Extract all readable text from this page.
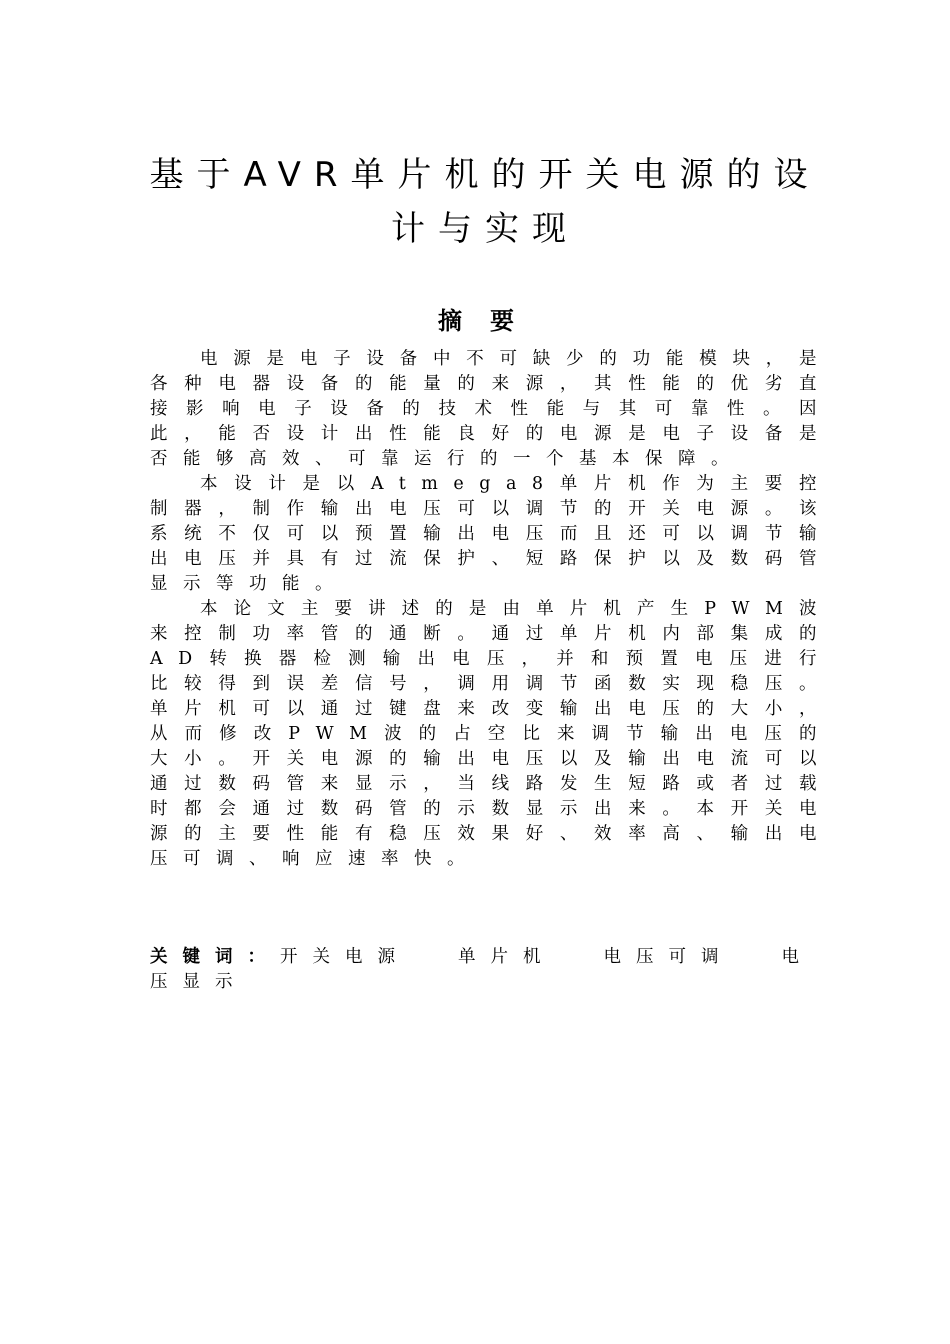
基于AVR单片机的开关电源的设计与实现
摘要

电源是电子设备中不可缺少的功能模块，是各种电器设备的能量的来源，其性能的优劣直接影响电子设备的技术性能与其可靠性。因此，能否设计出性能良好的电源是电子设备是否能够高效、可靠运行的一个基本保障。

本设计是以Atmega8单片机作为主要控制器，制作输出电压可以调节的开关电源。该系统不仅可以预置输出电压而且还可以调节输出电压并具有过流保护、短路保护以及数码管显示等功能。

本论文主要讲述的是由单片机产生PWM波来控制功率管的通断。通过单片机内部集成的AD转换器检测输出电压，并和预置电压进行比较得到误差信号，调用调节函数实现稳压。单片机可以通过键盘来改变输出电压的大小，从而修改PWM波的占空比来调节输出电压的大小。开关电源的输出电压以及输出电流可以通过数码管来显示，当线路发生短路或者过载时都会通过数码管的示数显示出来。本开关电源的主要性能有稳压效果好、效率高、输出电压可调、响应速率快。

关键词：开关电源	单片机	电压可调	电压显示
